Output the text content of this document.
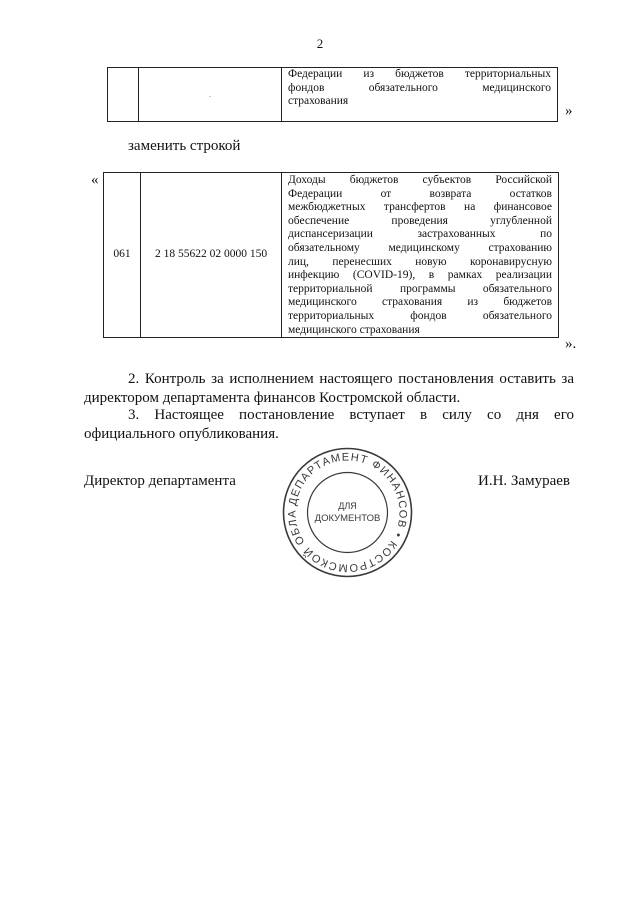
2
	.	
Федерации из бюджетов территориальных
фондов обязательного медицинского
страхования
»
заменить строкой
«
061	2 18 55622 02 0000 150	
Доходы бюджетов субъектов Российской
Федерации от возврата остатков
межбюджетных трансфертов на финансовое
обеспечение проведения углубленной
диспансеризации застрахованных по
обязательному медицинскому страхованию
лиц, перенесших новую коронавирусную
инфекцию (COVID-19), в рамках реализации
территориальной программы обязательного
медицинского страхования из бюджетов
территориальных фондов обязательного
медицинского страхования
».
2. Контроль за исполнением настоящего постановления оставить за
директором департамента финансов Костромской области.
3. Настоящее постановление вступает в силу со дня его
официального опубликования.
Директор департамента	И.Н. Замураев
ДЕПАРТАМЕНТ ФИНАНСОВ • КОСТРОМСКОЙ ОБЛА
ДЛЯ
ДОКУМЕНТОВ
